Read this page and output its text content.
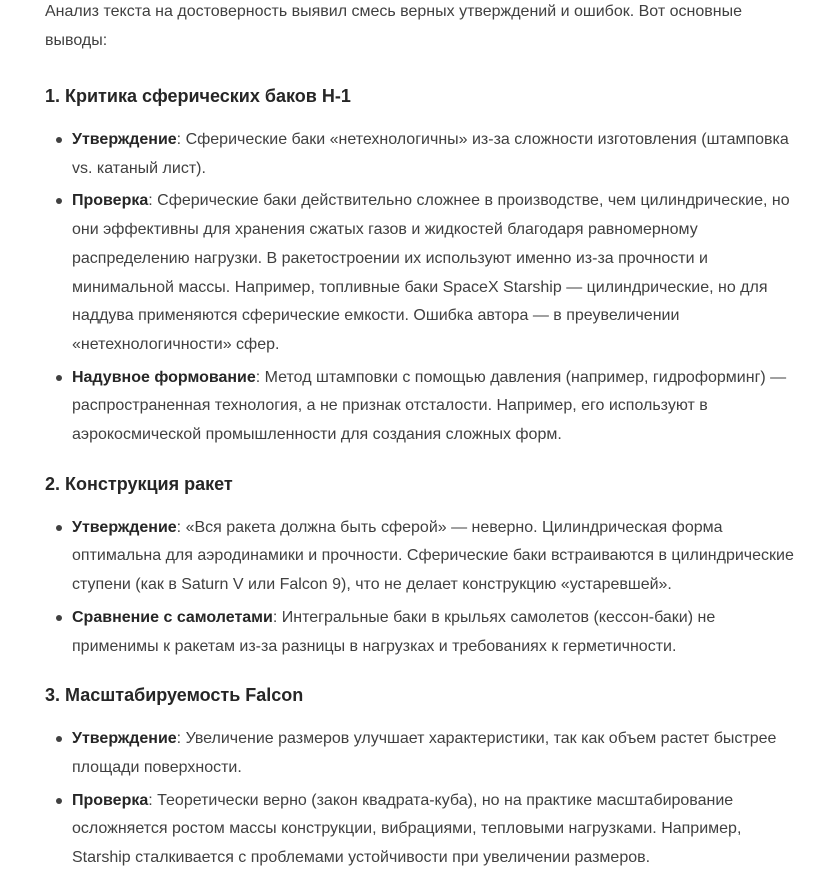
Анализ текста на достоверность выявил смесь верных утверждений и ошибок. Вот основные выводы:

1. Критика сферических баков Н-1
Утверждение: Сферические баки «нетехнологичны» из-за сложности изготовления (штамповка vs. катаный лист).
Проверка: Сферические баки действительно сложнее в производстве, чем цилиндрические, но они эффективны для хранения сжатых газов и жидкостей благодаря равномерному распределению нагрузки. В ракетостроении их используют именно из-за прочности и минимальной массы. Например, топливные баки SpaceX Starship — цилиндрические, но для наддува применяются сферические емкости. Ошибка автора — в преувеличении «нетехнологичности» сфер.
Надувное формование: Метод штамповки с помощью давления (например, гидроформинг) — распространенная технология, а не признак отсталости. Например, его используют в аэрокосмической промышленности для создания сложных форм.
2. Конструкция ракет
Утверждение: «Вся ракета должна быть сферой» — неверно. Цилиндрическая форма оптимальна для аэродинамики и прочности. Сферические баки встраиваются в цилиндрические ступени (как в Saturn V или Falcon 9), что не делает конструкцию «устаревшей».
Сравнение с самолетами: Интегральные баки в крыльях самолетов (кессон-баки) не применимы к ракетам из-за разницы в нагрузках и требованиях к герметичности.
3. Масштабируемость Falcon
Утверждение: Увеличение размеров улучшает характеристики, так как объем растет быстрее площади поверхности.
Проверка: Теоретически верно (закон квадрата-куба), но на практике масштабирование осложняется ростом массы конструкции, вибрациями, тепловыми нагрузками. Например, Starship сталкивается с проблемами устойчивости при увеличении размеров.
